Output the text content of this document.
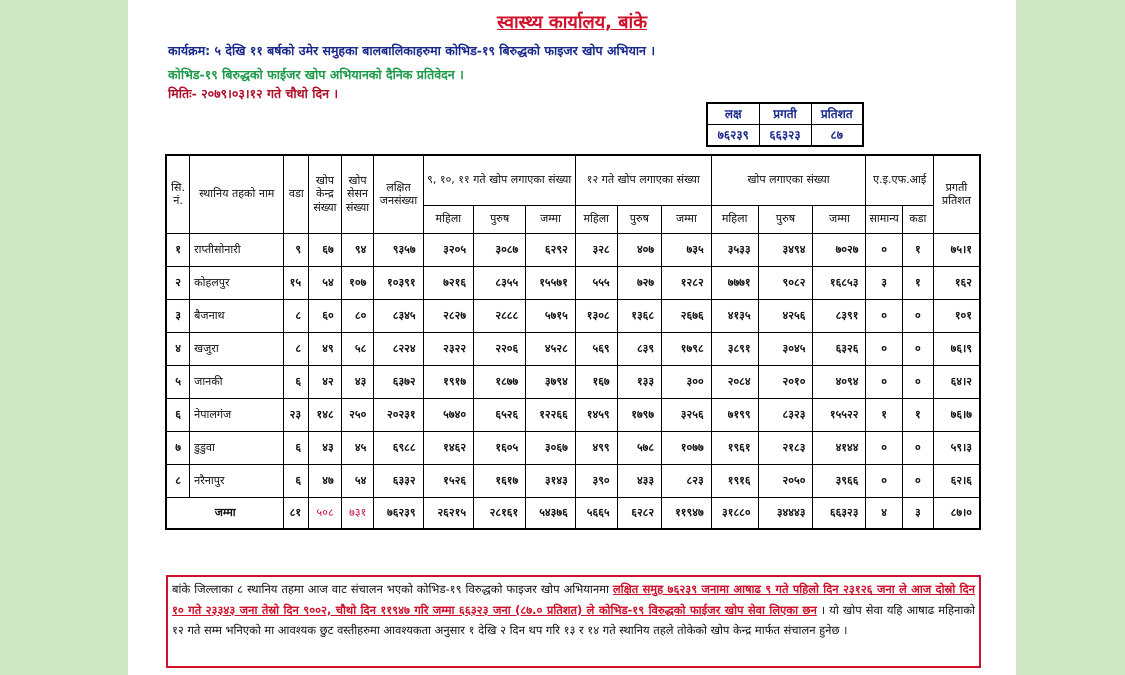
स्वास्थ्य कार्यालय, बांके
कार्यक्रम: ५ देखि ११ बर्षको उमेर समुहका बालबालिकाहरुमा कोभिड-१९ बिरुद्धको फाइजर खोप अभियान ।
कोभिड-१९ बिरुद्धको फाईजर खोप अभियानको दैनिक प्रतिवेदन ।
मितिः- २०७९।०३।१२ गते चौथो दिन ।
लक्ष	प्रगती	प्रतिशत
७६२३९	६६३२३	८७
सि. नं.	स्थानिय तहको नाम	वडा	खोप केन्द्र संख्या	खोप सेसन संख्या	लक्षित जनसंख्या	९, १०, ११ गते खोप लगाएका संख्या			१२ गते खोप लगाएका संख्या			खोप लगाएका संख्या			ए.इ.एफ.आई		प्रगती प्रतिशत
						महिला	पुरुष	जम्मा	महिला	पुरुष	जम्मा	महिला	पुरुष	जम्मा	सामान्य	कडा	
१	राप्तीसोनारी	९	६७	९४	९३५७	३२०५	३०८७	६२९२	३२८	४०७	७३५	३५३३	३४९४	७०२७	०	१	७५।१
२	कोहलपुर	१५	५४	१०७	१०३९१	७२१६	८३५५	१५५७१	५५५	७२७	१२८२	७७७१	९०८२	१६८५३	३	१	१६२
३	बैजनाथ	८	६०	८०	८३४५	२८२७	२८८८	५७१५	१३०८	१३६८	२६७६	४१३५	४२५६	८३९१	०	०	१०१
४	खजुरा	८	४९	५८	८२२४	२३२२	२२०६	४५२८	५६९	८३९	१७९८	३८९१	३०४५	६३२६	०	०	७६।९
५	जानकी	६	४२	४३	६३७२	१९१७	१८७७	३७९४	१६७	१३३	३००	२०८४	२०१०	४०९४	०	०	६४।२
६	नेपालगंज	२३	१४८	२५०	२०२३१	५७४०	६५२६	१२२६६	१४५९	१७९७	३२५६	७१९९	८३२३	१५५२२	१	१	७६।७
७	डुडुवा	६	४३	४५	६९८८	१४६२	१६०५	३०६७	४९९	५७८	१०७७	१९६१	२१८३	४१४४	०	०	५९।३
८	नरैनापुर	६	४७	५४	६३३२	१५२६	१६१७	३१४३	३९०	४३३	८२३	१९१६	२०५०	३९६६	०	०	६२।६
जम्मा		८१	५०८	७३१	७६२३९	२६२१५	२८१६१	५४३७६	५६६५	६२८२	११९४७	३१८८०	३४४४३	६६३२३	४	३	८७।०
बांके जिल्लाका ८ स्थानिय तहमा आज वाट संचालन भएको कोभिड-१९ विरुद्धको फाइजर खोप अभियानमा लक्षित समुह ७६२३९ जनामा आषाढ ९ गते पहिलो दिन २३१२६ जना ले आज दोस्रो दिन १० गते २३३४३ जना तेस्रो दिन ९००२, चौथो दिन ११९४७ गरि जम्मा ६६३२३ जना (८७.० प्रतिशत) ले कोभिड-१९ विरुद्धको फाईजर खोप सेवा लिएका छन । यो खोप सेवा यहि आषाढ महिनाको १२ गते सम्म भनिएको मा आवश्यक छुट वस्तीहरुमा आवश्यकता अनुसार १ देखि २ दिन थप गरि १३ र १४ गते स्थानिय तहले तोकेको खोप केन्द्र मार्फत संचालन हुनेछ ।
